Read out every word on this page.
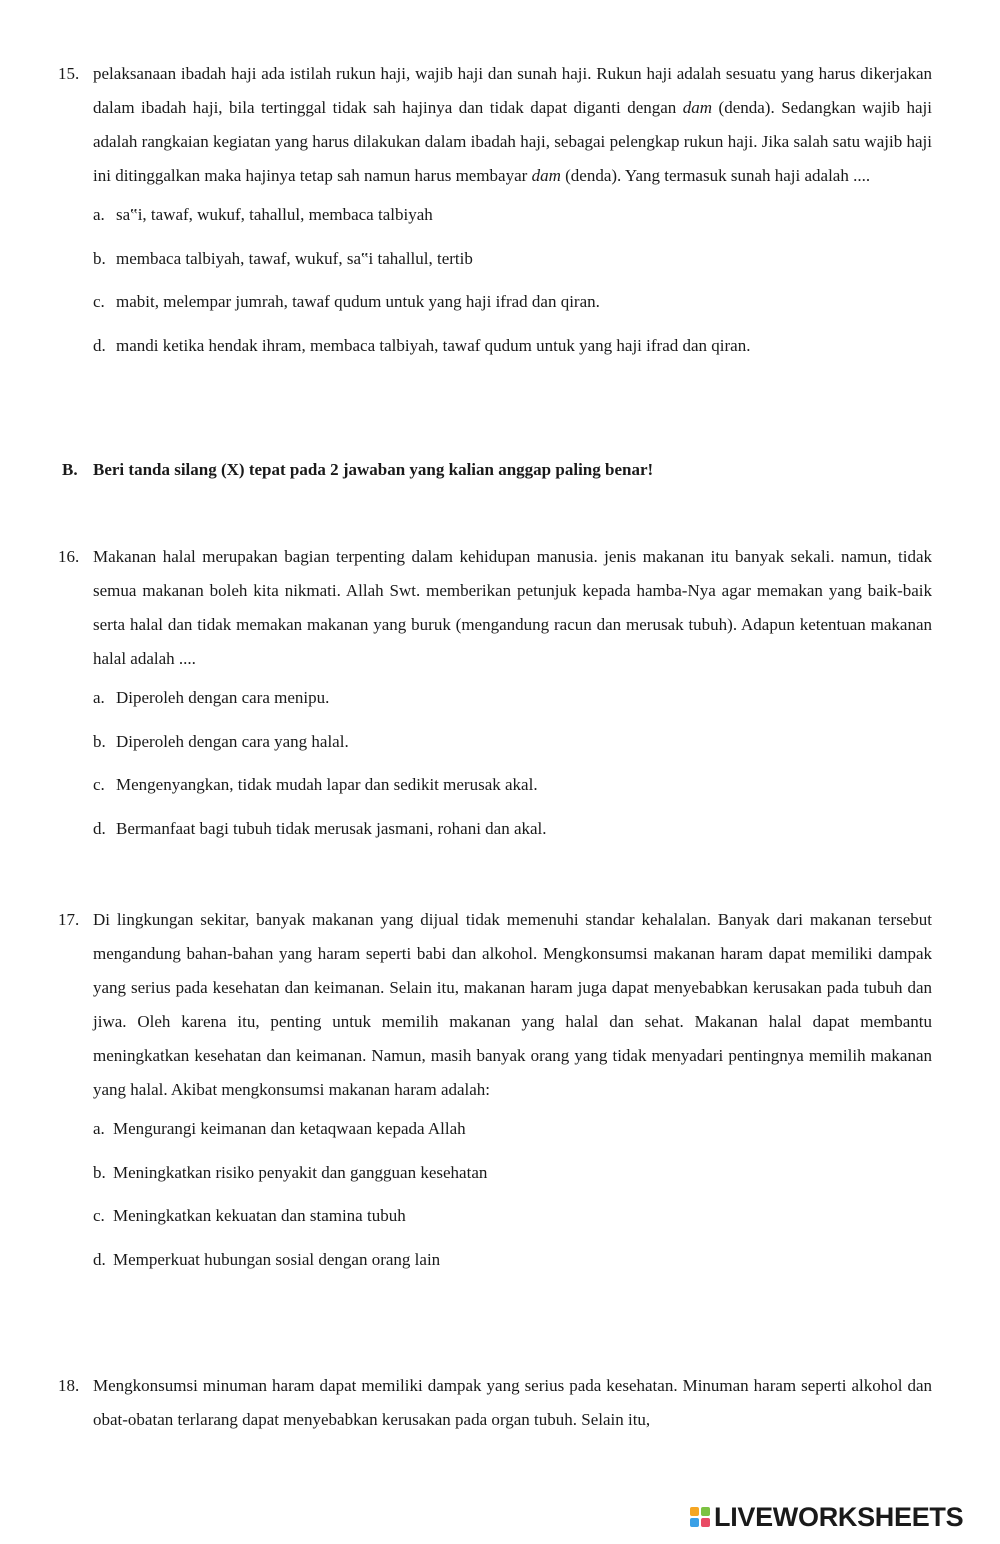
15. pelaksanaan ibadah haji ada istilah rukun haji, wajib haji dan sunah haji. Rukun haji adalah sesuatu yang harus dikerjakan dalam ibadah haji, bila tertinggal tidak sah hajinya dan tidak dapat diganti dengan dam (denda). Sedangkan wajib haji adalah rangkaian kegiatan yang harus dilakukan dalam ibadah haji, sebagai pelengkap rukun haji. Jika salah satu wajib haji ini ditinggalkan maka hajinya tetap sah namun harus membayar dam (denda). Yang termasuk sunah haji adalah ....
a. sa‟i, tawaf, wukuf, tahallul, membaca talbiyah
b. membaca talbiyah, tawaf, wukuf, sa‟i tahallul, tertib
c. mabit, melempar jumrah, tawaf qudum untuk yang haji ifrad dan qiran.
d. mandi ketika hendak ihram, membaca talbiyah, tawaf qudum untuk yang haji ifrad dan qiran.
B. Beri tanda silang (X) tepat pada 2 jawaban yang kalian anggap paling benar!
16. Makanan halal merupakan bagian terpenting dalam kehidupan manusia. jenis makanan itu banyak sekali. namun, tidak semua makanan boleh kita nikmati. Allah Swt. memberikan petunjuk kepada hamba-Nya agar memakan yang baik-baik serta halal dan tidak memakan makanan yang buruk (mengandung racun dan merusak tubuh). Adapun ketentuan makanan halal adalah ....
a. Diperoleh dengan cara menipu.
b. Diperoleh dengan cara yang halal.
c. Mengenyangkan, tidak mudah lapar dan sedikit merusak akal.
d. Bermanfaat bagi tubuh tidak merusak jasmani, rohani dan akal.
17. Di lingkungan sekitar, banyak makanan yang dijual tidak memenuhi standar kehalalan. Banyak dari makanan tersebut mengandung bahan-bahan yang haram seperti babi dan alkohol. Mengkonsumsi makanan haram dapat memiliki dampak yang serius pada kesehatan dan keimanan. Selain itu, makanan haram juga dapat menyebabkan kerusakan pada tubuh dan jiwa. Oleh karena itu, penting untuk memilih makanan yang halal dan sehat. Makanan halal dapat membantu meningkatkan kesehatan dan keimanan. Namun, masih banyak orang yang tidak menyadari pentingnya memilih makanan yang halal. Akibat mengkonsumsi makanan haram adalah:
a. Mengurangi keimanan dan ketaqwaan kepada Allah
b. Meningkatkan risiko penyakit dan gangguan kesehatan
c. Meningkatkan kekuatan dan stamina tubuh
d. Memperkuat hubungan sosial dengan orang lain
18. Mengkonsumsi minuman haram dapat memiliki dampak yang serius pada kesehatan. Minuman haram seperti alkohol dan obat-obatan terlarang dapat menyebabkan kerusakan pada organ tubuh. Selain itu,
LIVEWORKSHEETS
